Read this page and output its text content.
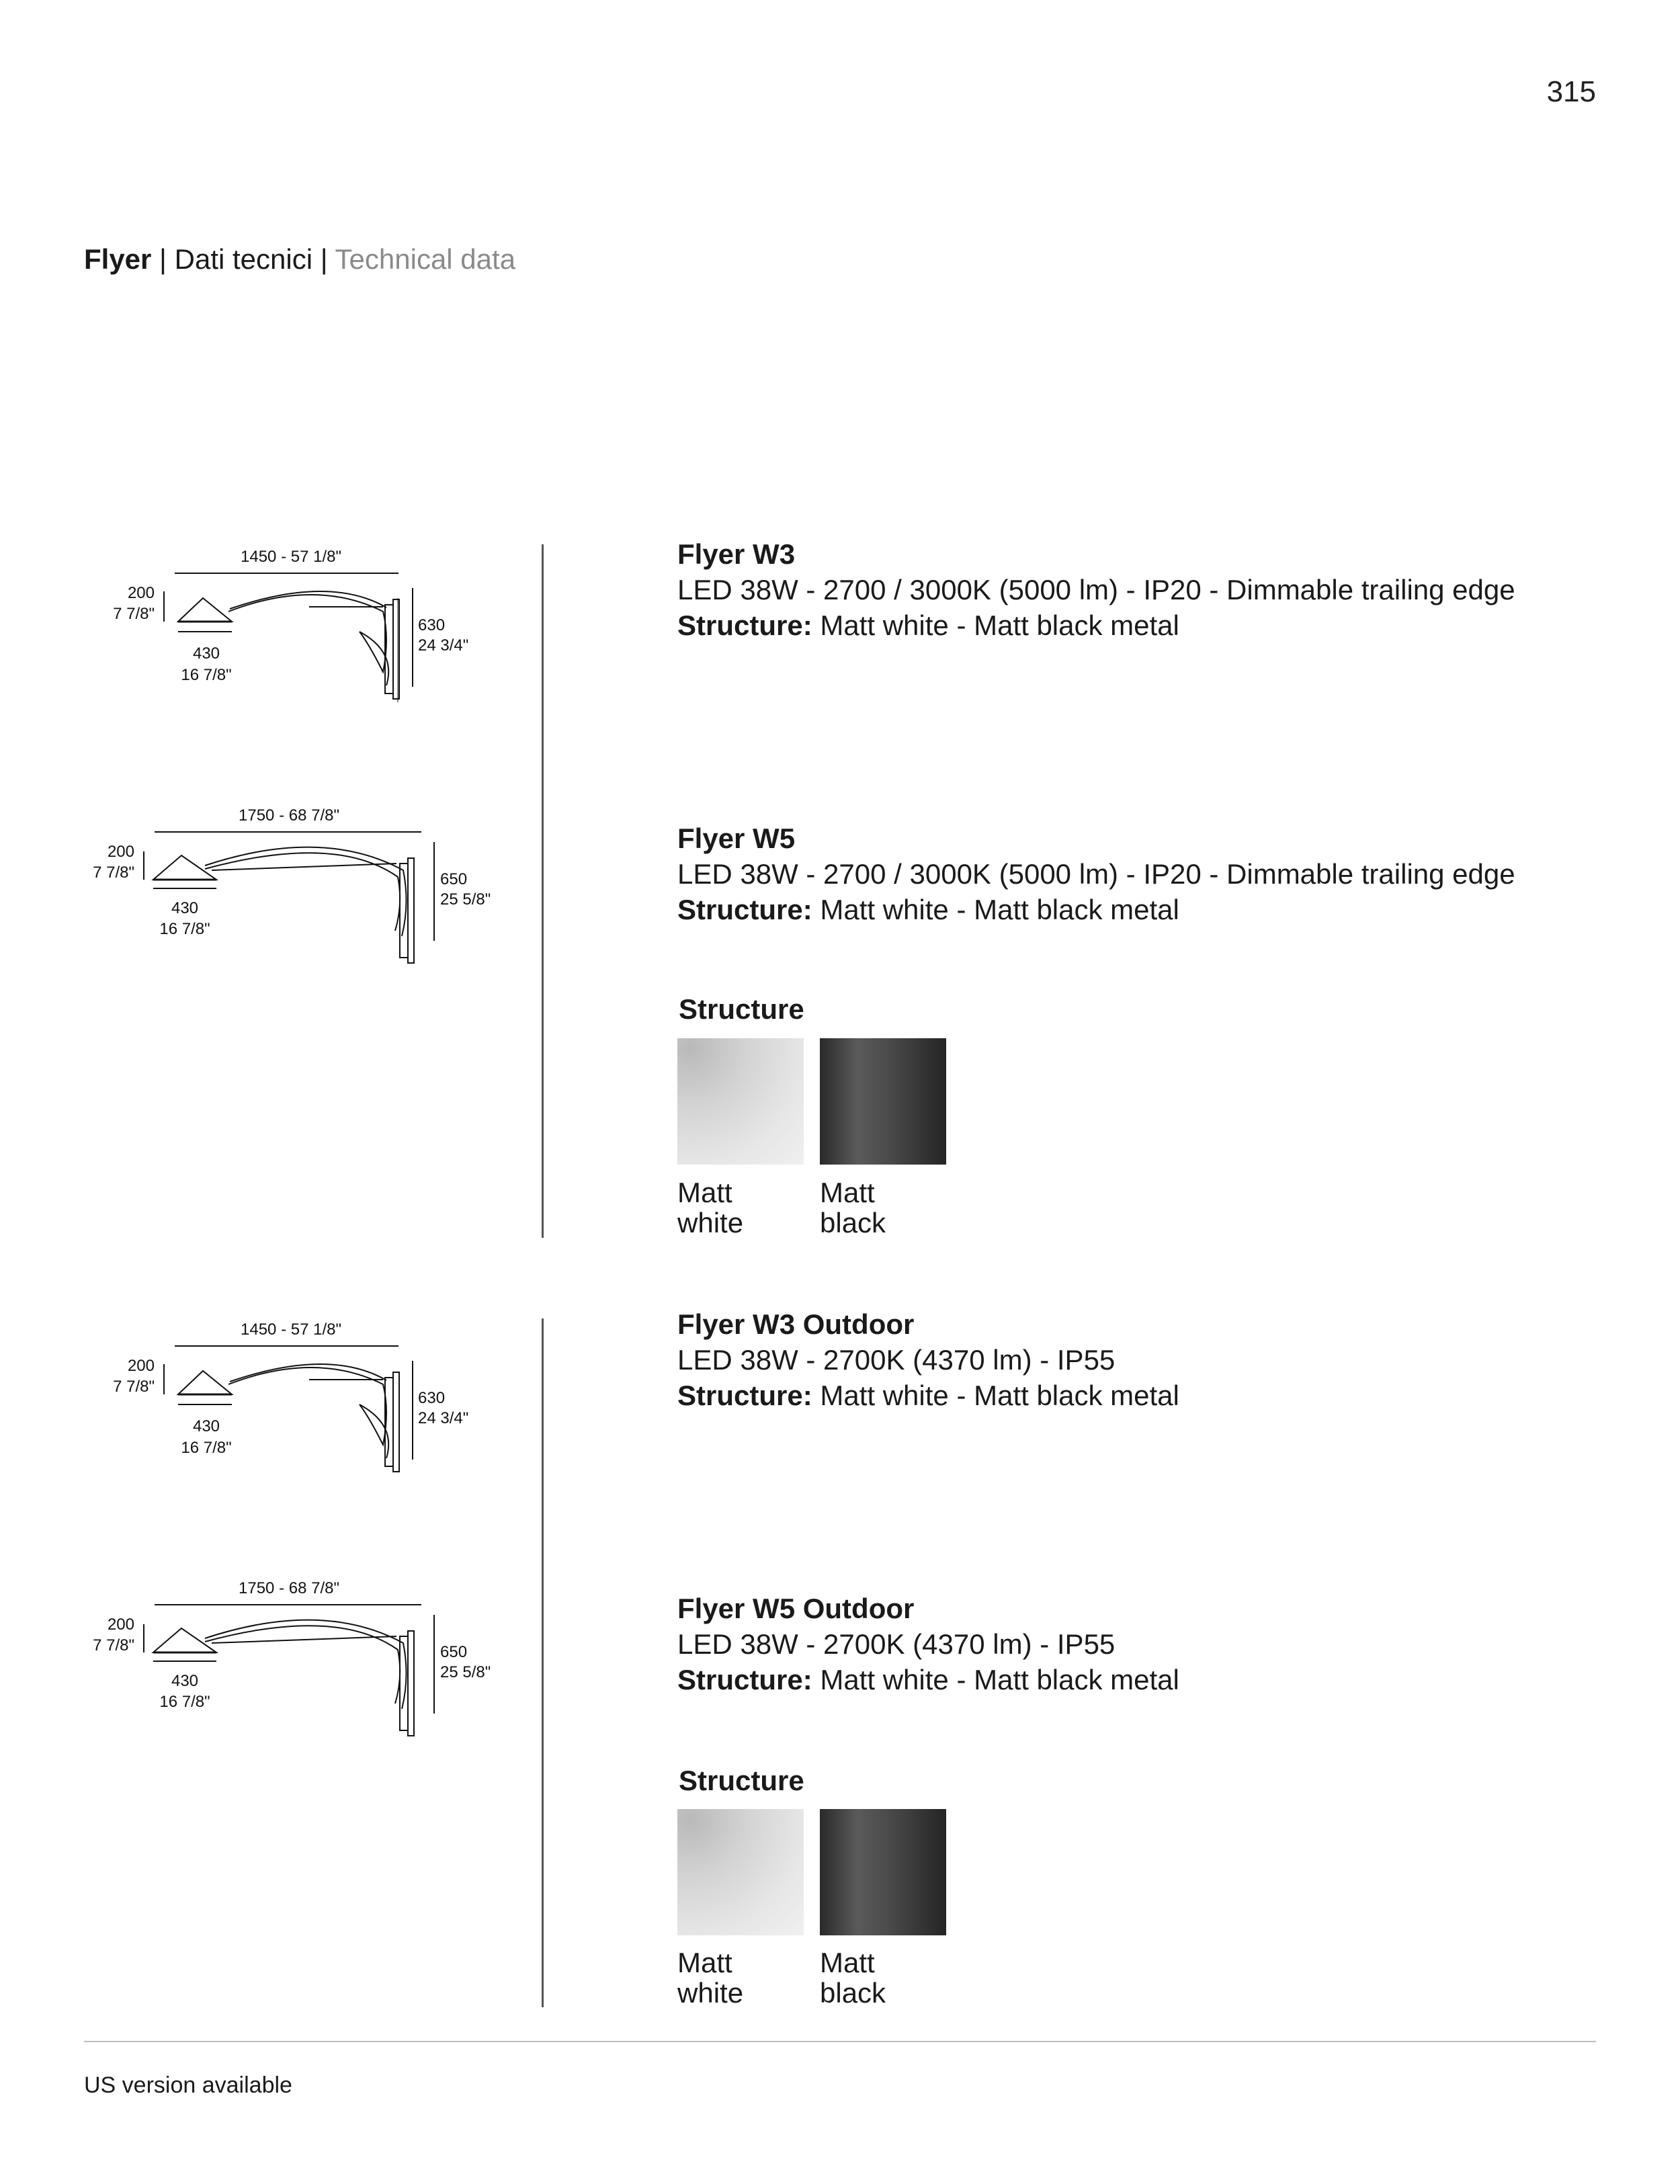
315
Flyer | Dati tecnici | Technical data
1450 - 57 1/8"
200
7 7/8"
630
24 3/4"
430
16 7/8"
1750 - 68 7/8"
200
7 7/8"	650
25 5/8"
430
16 7/8"
1450 - 57 1/8"
200
7 7/8"
630
24 3/4"
430
16 7/8"
1750 - 68 7/8"
200
7 7/8"	650
25 5/8"
430
16 7/8"
Flyer W3
LED 38W - 2700 / 3000K (5000 lm) - IP20 - Dimmable trailing edge
Structure: Matt white - Matt black metal
Flyer W5
LED 38W - 2700 / 3000K (5000 lm) - IP20 - Dimmable trailing edge
Structure: Matt white - Matt black metal
Flyer W3 Outdoor
LED 38W - 2700K (4370 lm) - IP55
Structure: Matt white - Matt black metal
Flyer W5 Outdoor
LED 38W - 2700K (4370 lm) - IP55
Structure: Matt white - Matt black metal
Structure
Matt
white
Matt
black
Structure
Matt
white
Matt
black
US version available
